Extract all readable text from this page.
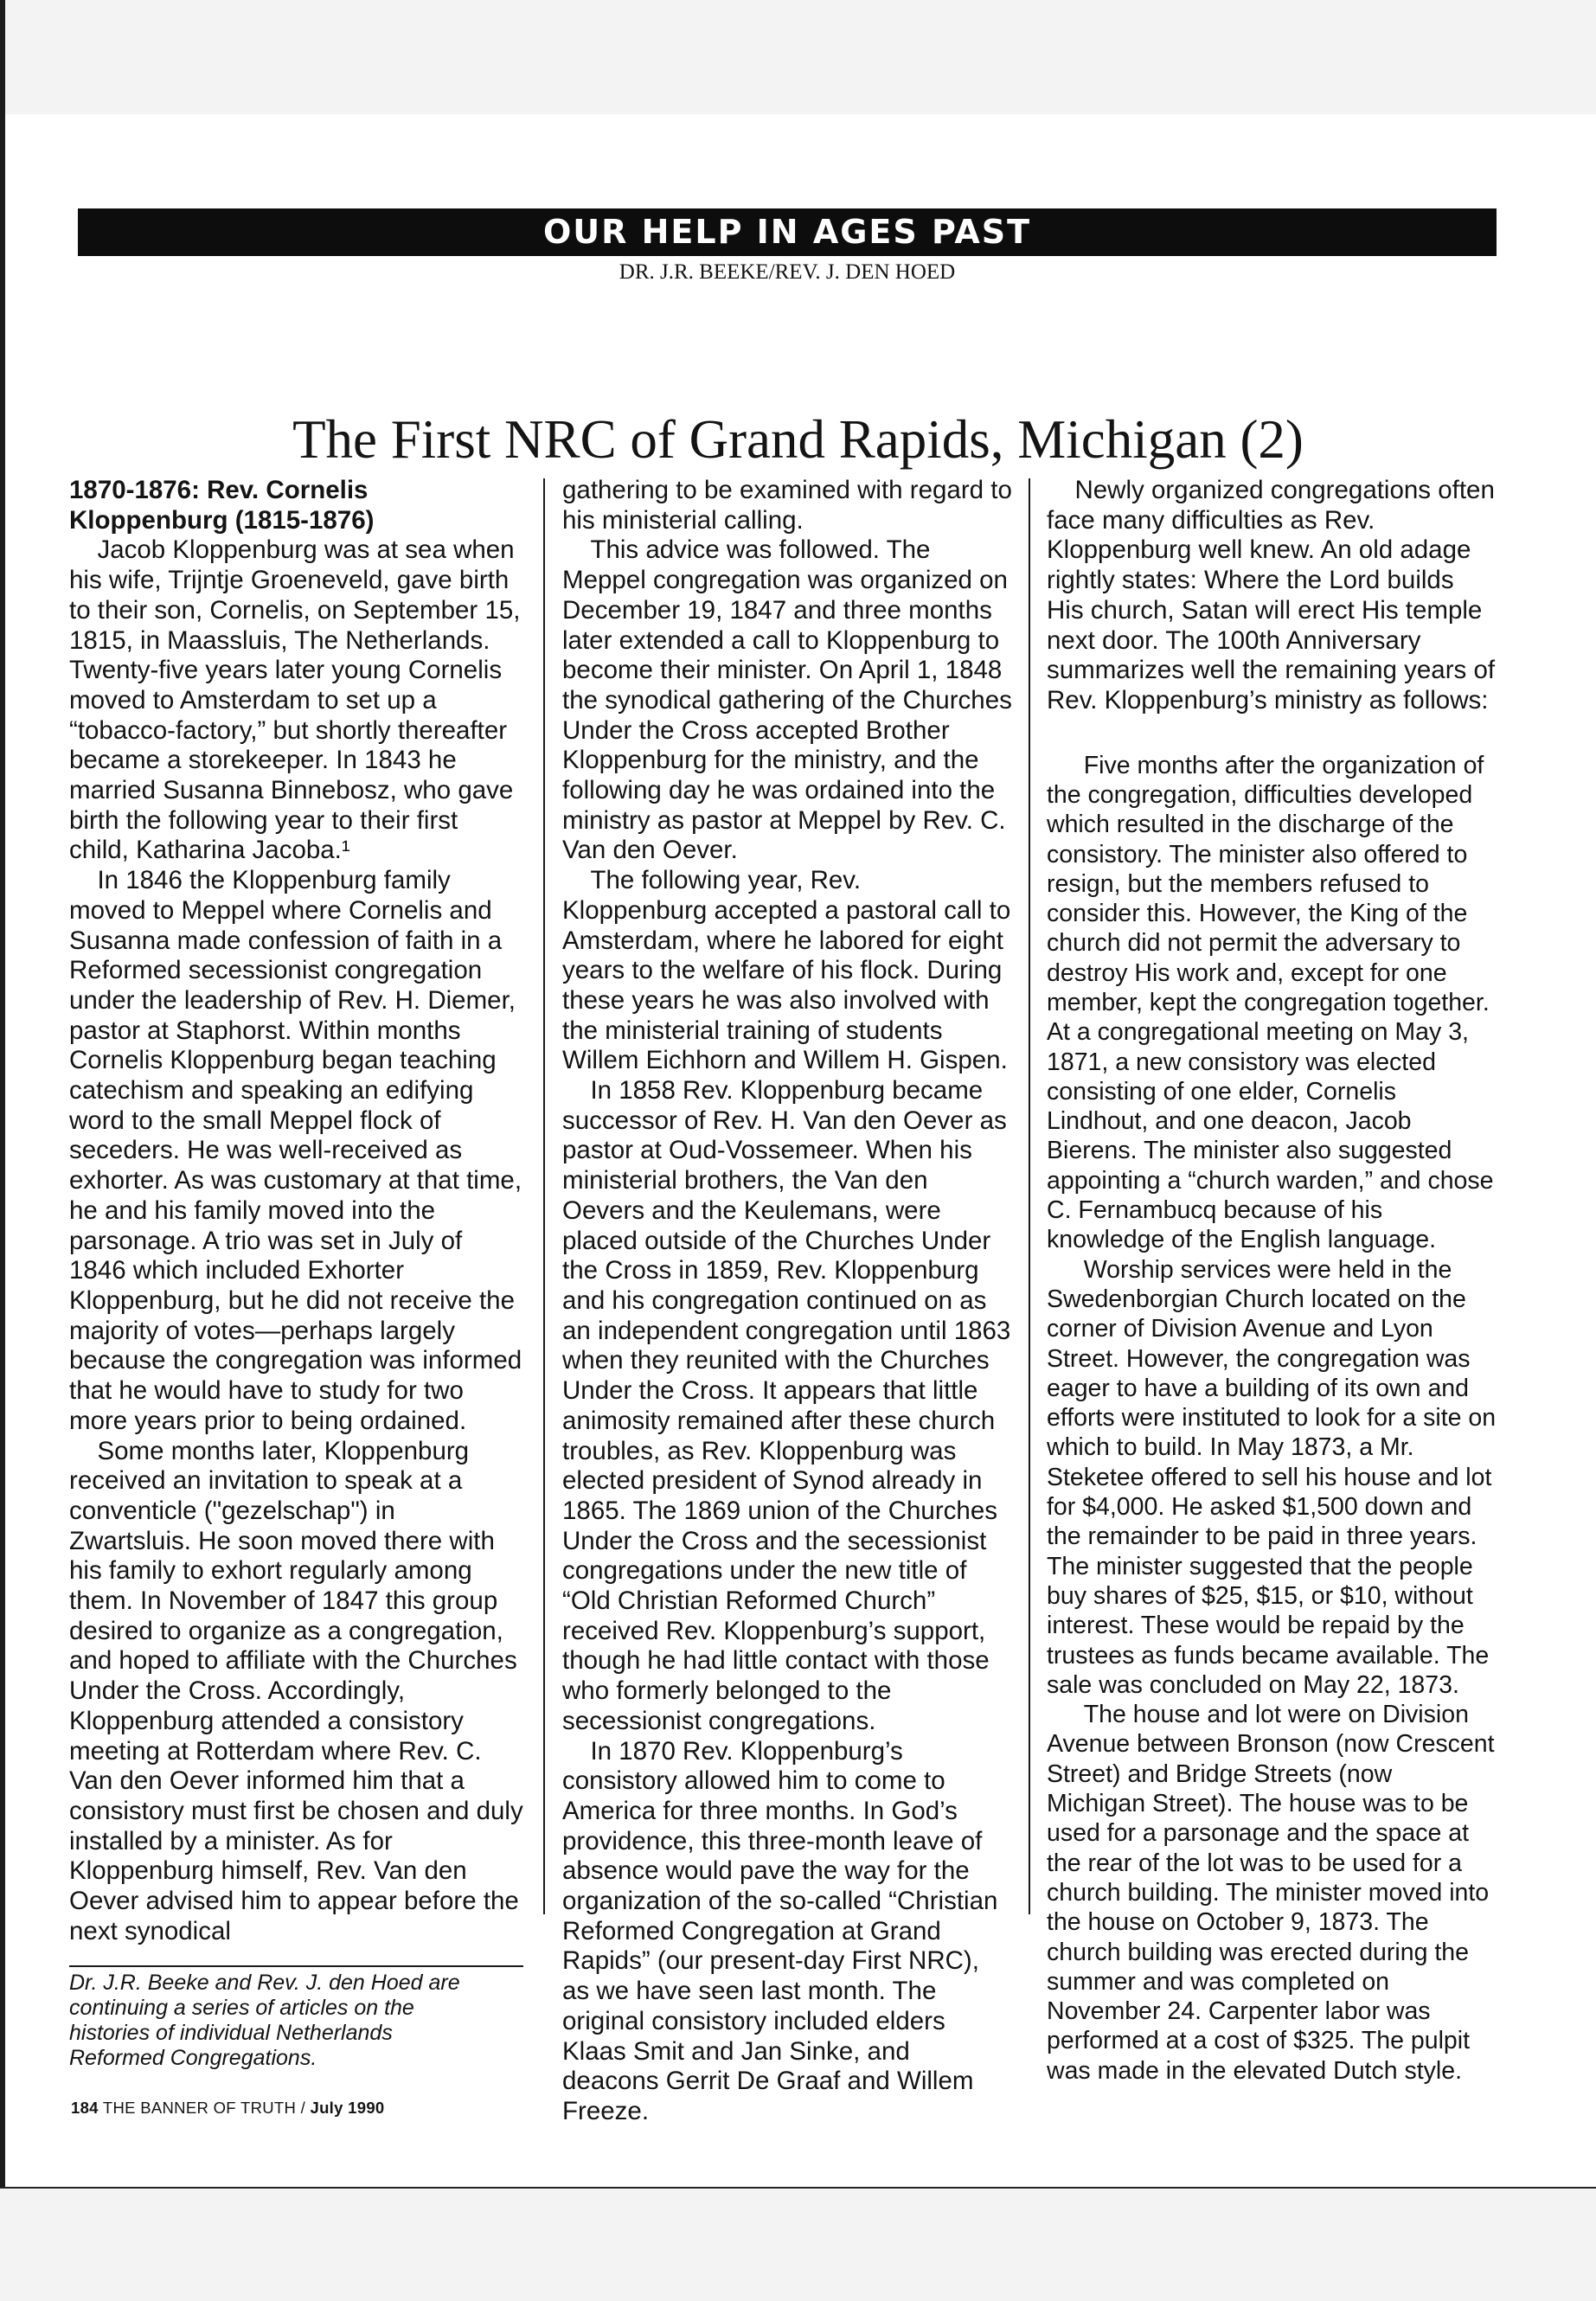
OUR HELP IN AGES PAST
DR. J.R. BEEKE/REV. J. DEN HOED
The First NRC of Grand Rapids, Michigan (2)

1870-1876: Rev. Cornelis Kloppenburg (1815-1876)

Jacob Kloppenburg was at sea when his wife, Trijntje Groeneveld, gave birth to their son, Cornelis, on September 15, 1815, in Maassluis, The Netherlands. Twenty-five years later young Cornelis moved to Amsterdam to set up a “tobacco-factory,” but shortly thereafter became a storekeeper. In 1843 he married Susanna Binnebosz, who gave birth the following year to their first child, Katharina Jacoba.¹

In 1846 the Kloppenburg family moved to Meppel where Cornelis and Susanna made confession of faith in a Reformed secessionist congregation under the leadership of Rev. H. Diemer, pastor at Staphorst. Within months Cornelis Kloppenburg began teaching catechism and speaking an edifying word to the small Meppel flock of seceders. He was well-received as exhorter. As was customary at that time, he and his family moved into the parsonage. A trio was set in July of 1846 which included Exhorter Kloppenburg, but he did not receive the majority of votes—perhaps largely because the congregation was informed that he would have to study for two more years prior to being ordained.

Some months later, Kloppenburg received an invitation to speak at a conventicle ("gezelschap") in Zwartsluis. He soon moved there with his family to exhort regularly among them. In November of 1847 this group desired to organize as a congregation, and hoped to affiliate with the Churches Under the Cross. Accordingly, Kloppenburg attended a consistory meeting at Rotterdam where Rev. C. Van den Oever informed him that a consistory must first be chosen and duly installed by a minister. As for Kloppenburg himself, Rev. Van den Oever advised him to appear before the next synodical

gathering to be examined with regard to his ministerial calling.

This advice was followed. The Meppel congregation was organized on December 19, 1847 and three months later extended a call to Kloppenburg to become their minister. On April 1, 1848 the synodical gathering of the Churches Under the Cross accepted Brother Kloppenburg for the ministry, and the following day he was ordained into the ministry as pastor at Meppel by Rev. C. Van den Oever.

The following year, Rev. Kloppenburg accepted a pastoral call to Amsterdam, where he labored for eight years to the welfare of his flock. During these years he was also involved with the ministerial training of students Willem Eichhorn and Willem H. Gispen.

In 1858 Rev. Kloppenburg became successor of Rev. H. Van den Oever as pastor at Oud-Vossemeer. When his ministerial brothers, the Van den Oevers and the Keulemans, were placed outside of the Churches Under the Cross in 1859, Rev. Kloppenburg and his congregation continued on as an independent congregation until 1863 when they reunited with the Churches Under the Cross. It appears that little animosity remained after these church troubles, as Rev. Kloppenburg was elected president of Synod already in 1865. The 1869 union of the Churches Under the Cross and the secessionist congregations under the new title of “Old Christian Reformed Church” received Rev. Kloppenburg’s support, though he had little contact with those who formerly belonged to the secessionist congregations.

In 1870 Rev. Kloppenburg’s consistory allowed him to come to America for three months. In God’s providence, this three-month leave of absence would pave the way for the organization of the so-called “Christian Reformed Congregation at Grand Rapids” (our present-day First NRC), as we have seen last month. The original consistory included elders Klaas Smit and Jan Sinke, and deacons Gerrit De Graaf and Willem Freeze.

Newly organized congregations often face many difficulties as Rev. Kloppenburg well knew. An old adage rightly states: Where the Lord builds His church, Satan will erect His temple next door. The 100th Anniversary summarizes well the remaining years of Rev. Kloppenburg’s ministry as follows:

Five months after the organization of the congregation, difficulties developed which resulted in the discharge of the consistory. The minister also offered to resign, but the members refused to consider this. However, the King of the church did not permit the adversary to destroy His work and, except for one member, kept the congregation together. At a congregational meeting on May 3, 1871, a new consistory was elected consisting of one elder, Cornelis Lindhout, and one deacon, Jacob Bierens. The minister also suggested appointing a “church warden,” and chose C. Fernambucq because of his knowledge of the English language.

Worship services were held in the Swedenborgian Church located on the corner of Division Avenue and Lyon Street. However, the congregation was eager to have a building of its own and efforts were instituted to look for a site on which to build. In May 1873, a Mr. Steketee offered to sell his house and lot for $4,000. He asked $1,500 down and the remainder to be paid in three years. The minister suggested that the people buy shares of $25, $15, or $10, without interest. These would be repaid by the trustees as funds became available. The sale was concluded on May 22, 1873.

The house and lot were on Division Avenue between Bronson (now Crescent Street) and Bridge Streets (now Michigan Street). The house was to be used for a parsonage and the space at the rear of the lot was to be used for a church building. The minister moved into the house on October 9, 1873. The church building was erected during the summer and was completed on November 24. Carpenter labor was performed at a cost of $325. The pulpit was made in the elevated Dutch style.

Dr. J.R. Beeke and Rev. J. den Hoed are continuing a series of articles on the histories of individual Netherlands Reformed Congregations.
184 THE BANNER OF TRUTH / July 1990
